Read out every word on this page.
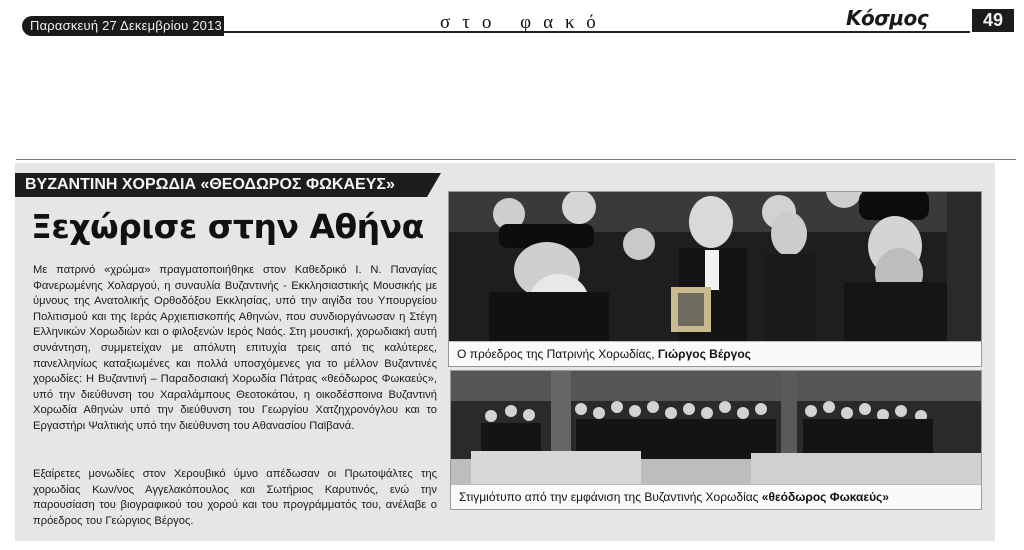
Παρασκευή 27 Δεκεμβρίου 2013	στο φακό	Κόσμος	49
ΒΥΖΑΝΤΙΝΗ ΧΟΡΩΔΙΑ «ΘΕΟΔΩΡΟΣ ΦΩΚΑΕΥΣ»
Ξεχώρισε στην Αθήνα
Με πατρινό «χρώμα» πραγματοποιήθηκε στον Καθεδρικό Ι. Ν. Παναγίας Φανερωμένης Χολαργού, η συναυλία Βυζαντινής - Εκκλησιαστικής Μουσικής με ύμνους της Ανατολικής Ορθοδόξου Εκκλησίας, υπό την αιγίδα του Υπουργείου Πολιτισμού και της Ιεράς Αρχιεπισκοπής Αθηνών, που συνδιοργάνωσαν η Στέγη Ελληνικών Χορωδιών και ο φιλοξενών Ιερός Ναός. Στη μουσική, χορωδιακή αυτή συνάντηση, συμμετείχαν με απόλυτη επιτυχία τρεις από τις καλύτερες, πανελληνίως καταξιωμένες και πολλά υποσχόμενες για το μέλλον Βυζαντινές χορωδίες: Η Βυζαντινή – Παραδοσιακή Χορωδία Πάτρας «θεόδωρος Φωκαεύς», υπό την διεύθυνση του Χαραλάμπους Θεοτοκάτου, η οικοδέσποινα Βυζαντινή Χορωδία Αθηνών υπό την διεύθυνση του Γεωργίου Χατζηχρονόγλου και το Εργαστήρι Ψαλτικής υπό την διεύθυνση του Αθανασίου Παϊβανά.
Εξαίρετες μονωδίες στον Χερουβικό ύμνο απέδωσαν οι Πρωτοψάλτες της χορωδίας Κων/νος Αγγελακόπουλος και Σωτήριος Καρυτινός, ενώ την παρουσίαση του βιογραφικού του χορού και του προγράμματός του, ανέλαβε ο πρόεδρος του Γεώργιος Βέργος.
Ο πρόεδρος της Πατρινής Χορωδίας, Γιώργος Βέργος
Στιγμιότυπο από την εμφάνιση της Βυζαντινής Χορωδίας «θεόδωρος Φωκαεύς»
